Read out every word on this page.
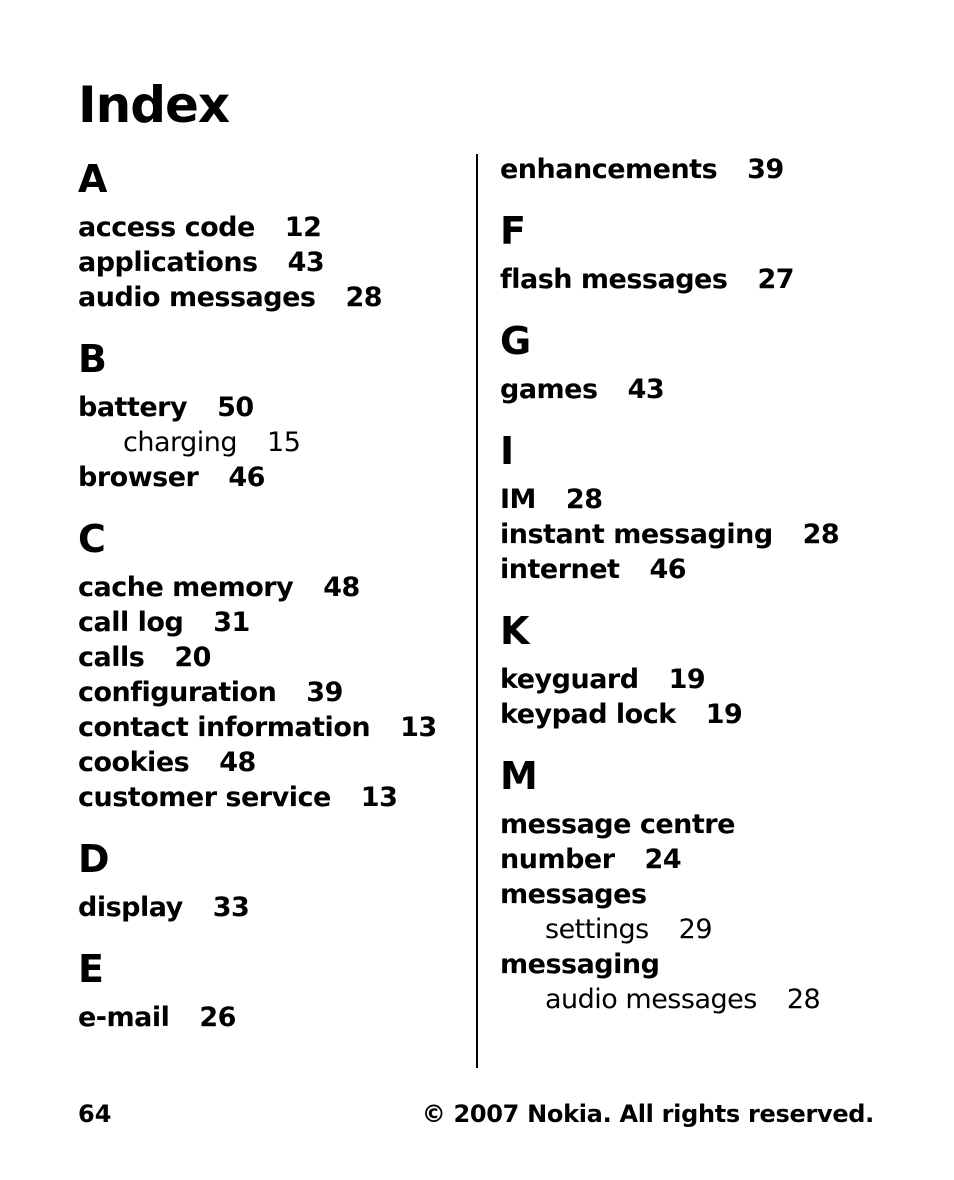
Index
A
access code 12
applications 43
audio messages 28
B
battery 50
charging 15
browser 46
C
cache memory 48
call log 31
calls 20
configuration 39
contact information 13
cookies 48
customer service 13
D
display 33
E
e-mail 26
enhancements 39
F
flash messages 27
G
games 43
I
IM 28
instant messaging 28
internet 46
K
keyguard 19
keypad lock 19
M
message centre
number 24
messages
settings 29
messaging
audio messages 28
64	© 2007 Nokia. All rights reserved.
